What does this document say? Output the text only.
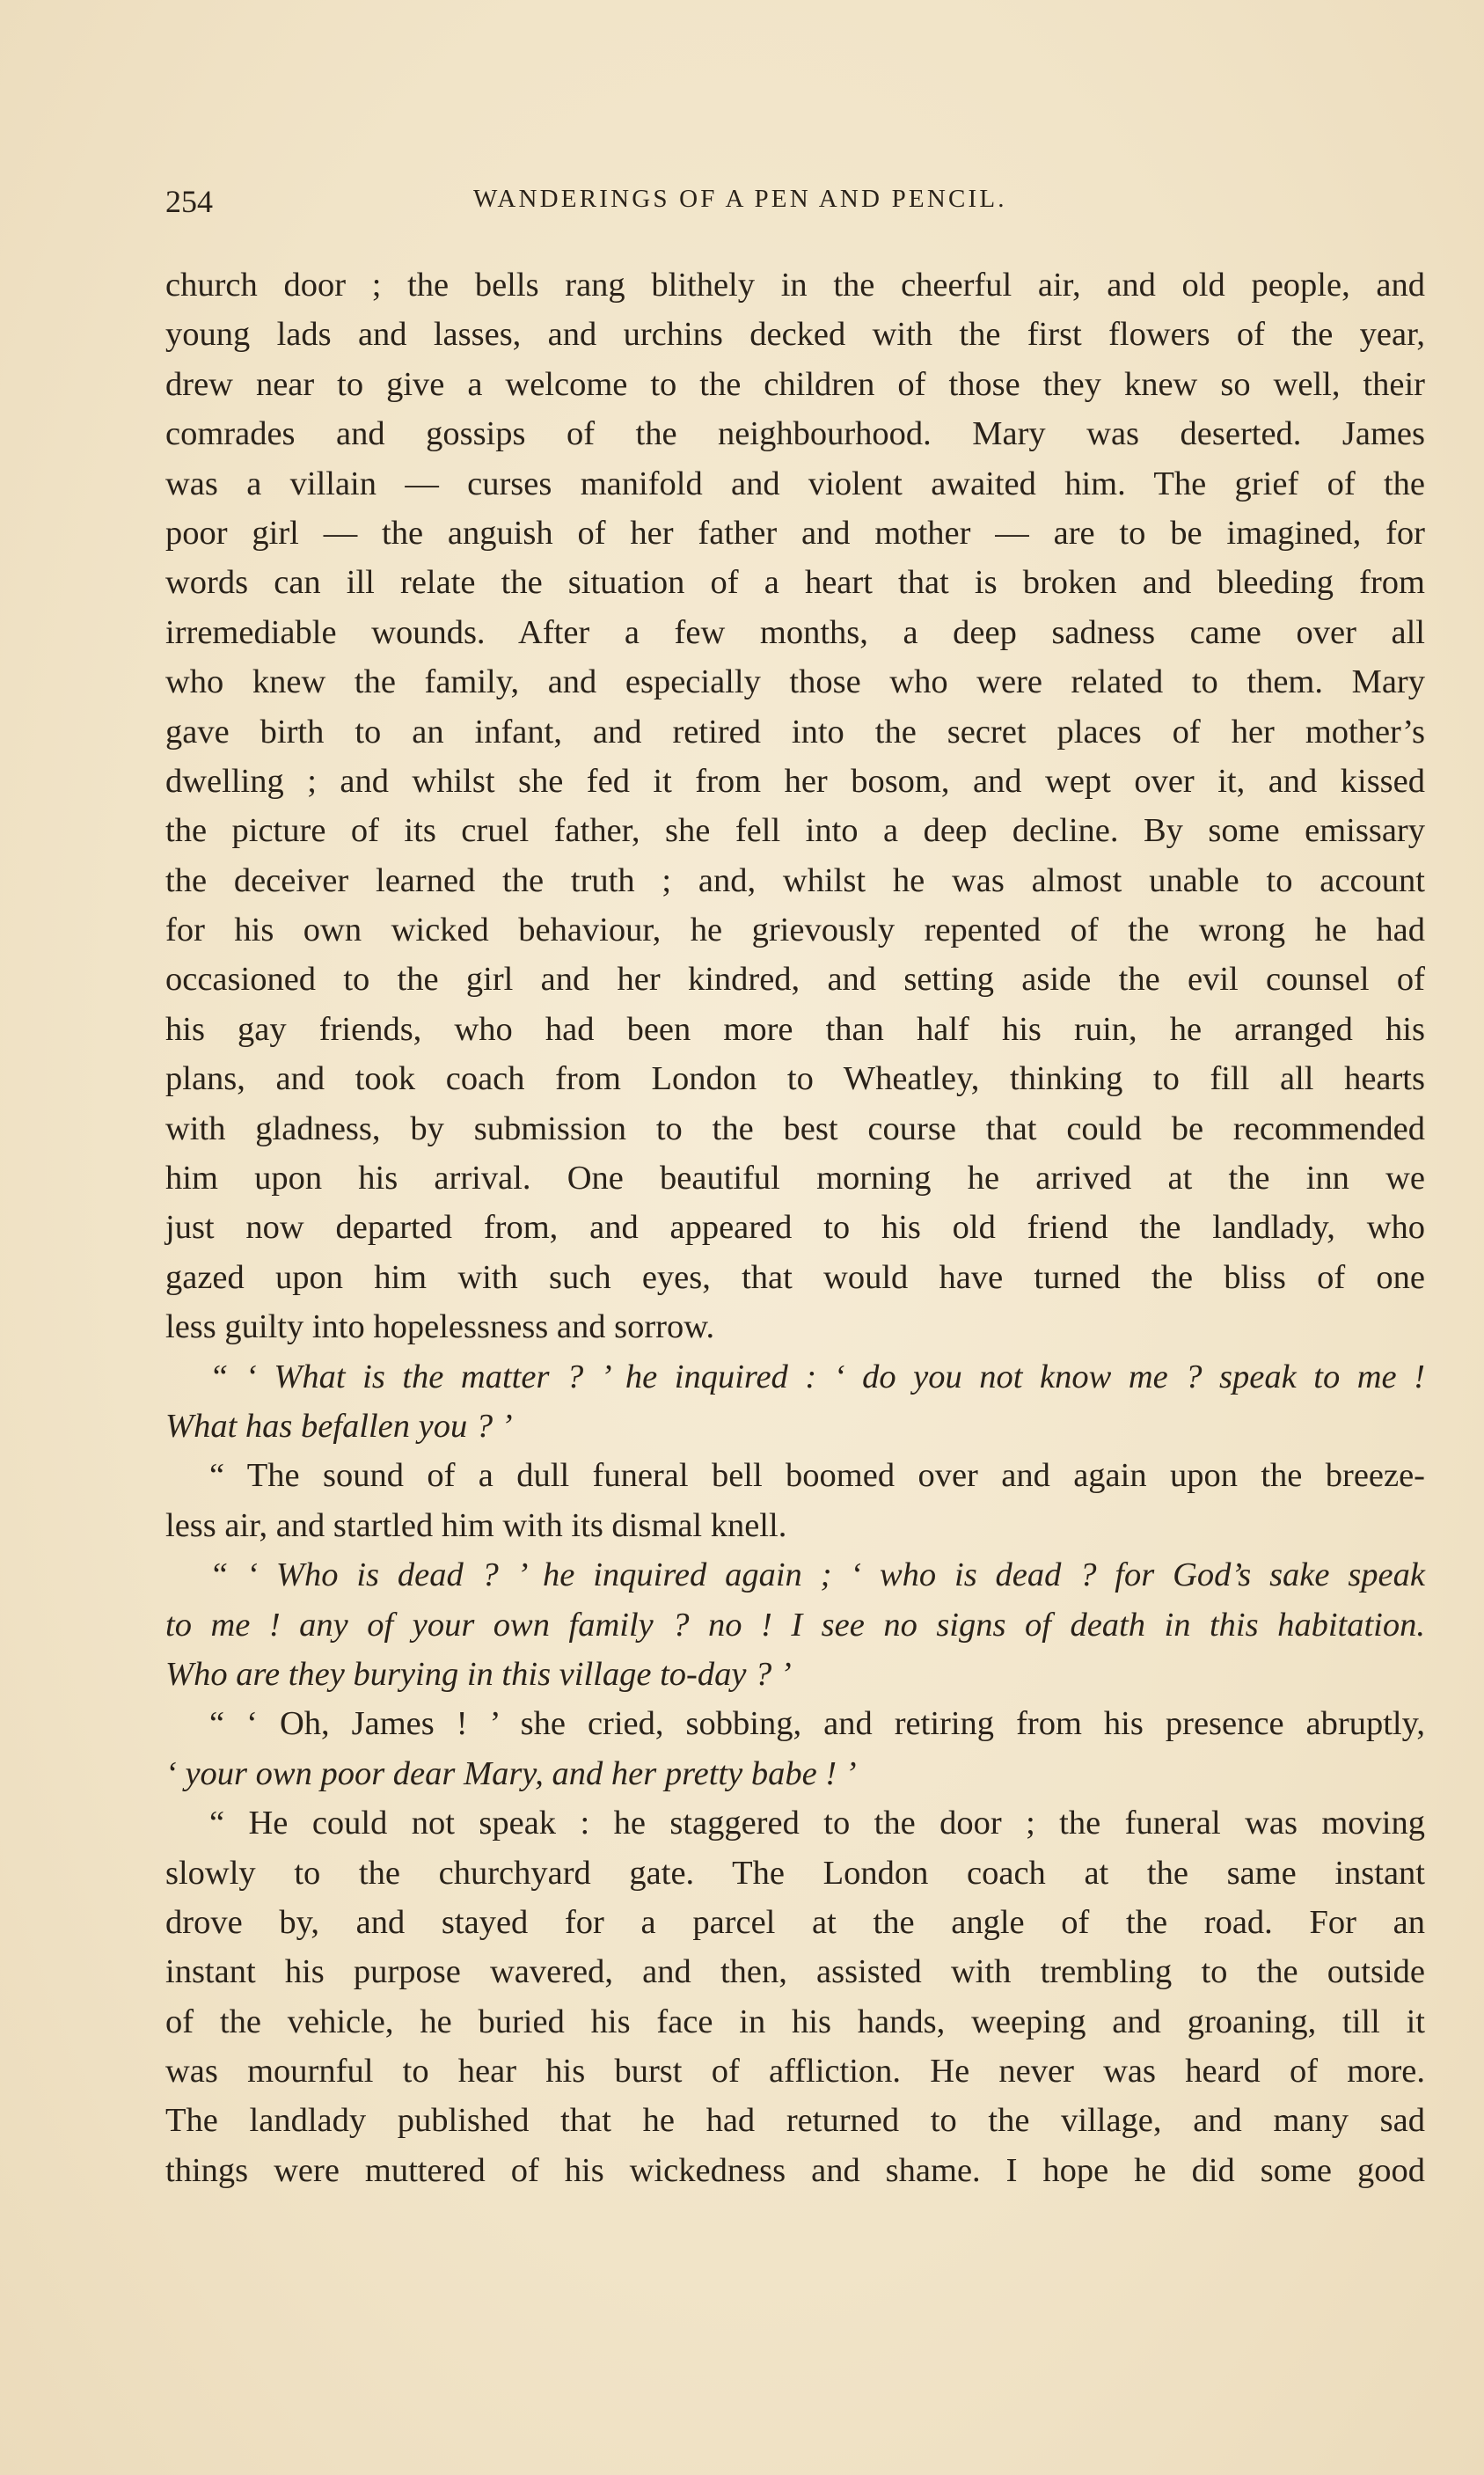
254	WANDERINGS OF A PEN AND PENCIL.
church door ; the bells rang blithely in the cheerful air, and old people, and
young lads and lasses, and urchins decked with the first flowers of the year,
drew near to give a welcome to the children of those they knew so well, their
comrades and gossips of the neighbourhood. Mary was deserted. James
was a villain — curses manifold and violent awaited him. The grief of the
poor girl — the anguish of her father and mother — are to be imagined, for
words can ill relate the situation of a heart that is broken and bleeding from
irremediable wounds. After a few months, a deep sadness came over all
who knew the family, and especially those who were related to them. Mary
gave birth to an infant, and retired into the secret places of her mother’s
dwelling ; and whilst she fed it from her bosom, and wept over it, and kissed
the picture of its cruel father, she fell into a deep decline. By some emissary
the deceiver learned the truth ; and, whilst he was almost unable to account
for his own wicked behaviour, he grievously repented of the wrong he had
occasioned to the girl and her kindred, and setting aside the evil counsel of
his gay friends, who had been more than half his ruin, he arranged his
plans, and took coach from London to Wheatley, thinking to fill all hearts
with gladness, by submission to the best course that could be recommended
him upon his arrival. One beautiful morning he arrived at the inn we
just now departed from, and appeared to his old friend the landlady, who
gazed upon him with such eyes, that would have turned the bliss of one
less guilty into hopelessness and sorrow.
“ ‘ What is the matter ? ’ he inquired : ‘ do you not know me ? speak to me !
What has befallen you ? ’
“ The sound of a dull funeral bell boomed over and again upon the breeze-
less air, and startled him with its dismal knell.
“ ‘ Who is dead ? ’ he inquired again ; ‘ who is dead ? for God’s sake speak
to me ! any of your own family ? no ! I see no signs of death in this habitation.
Who are they burying in this village to-day ? ’
“ ‘ Oh, James ! ’ she cried, sobbing, and retiring from his presence abruptly,
‘ your own poor dear Mary, and her pretty babe ! ’
“ He could not speak : he staggered to the door ; the funeral was moving
slowly to the churchyard gate. The London coach at the same instant
drove by, and stayed for a parcel at the angle of the road. For an
instant his purpose wavered, and then, assisted with trembling to the outside
of the vehicle, he buried his face in his hands, weeping and groaning, till it
was mournful to hear his burst of affliction. He never was heard of more.
The landlady published that he had returned to the village, and many sad
things were muttered of his wickedness and shame. I hope he did some good
